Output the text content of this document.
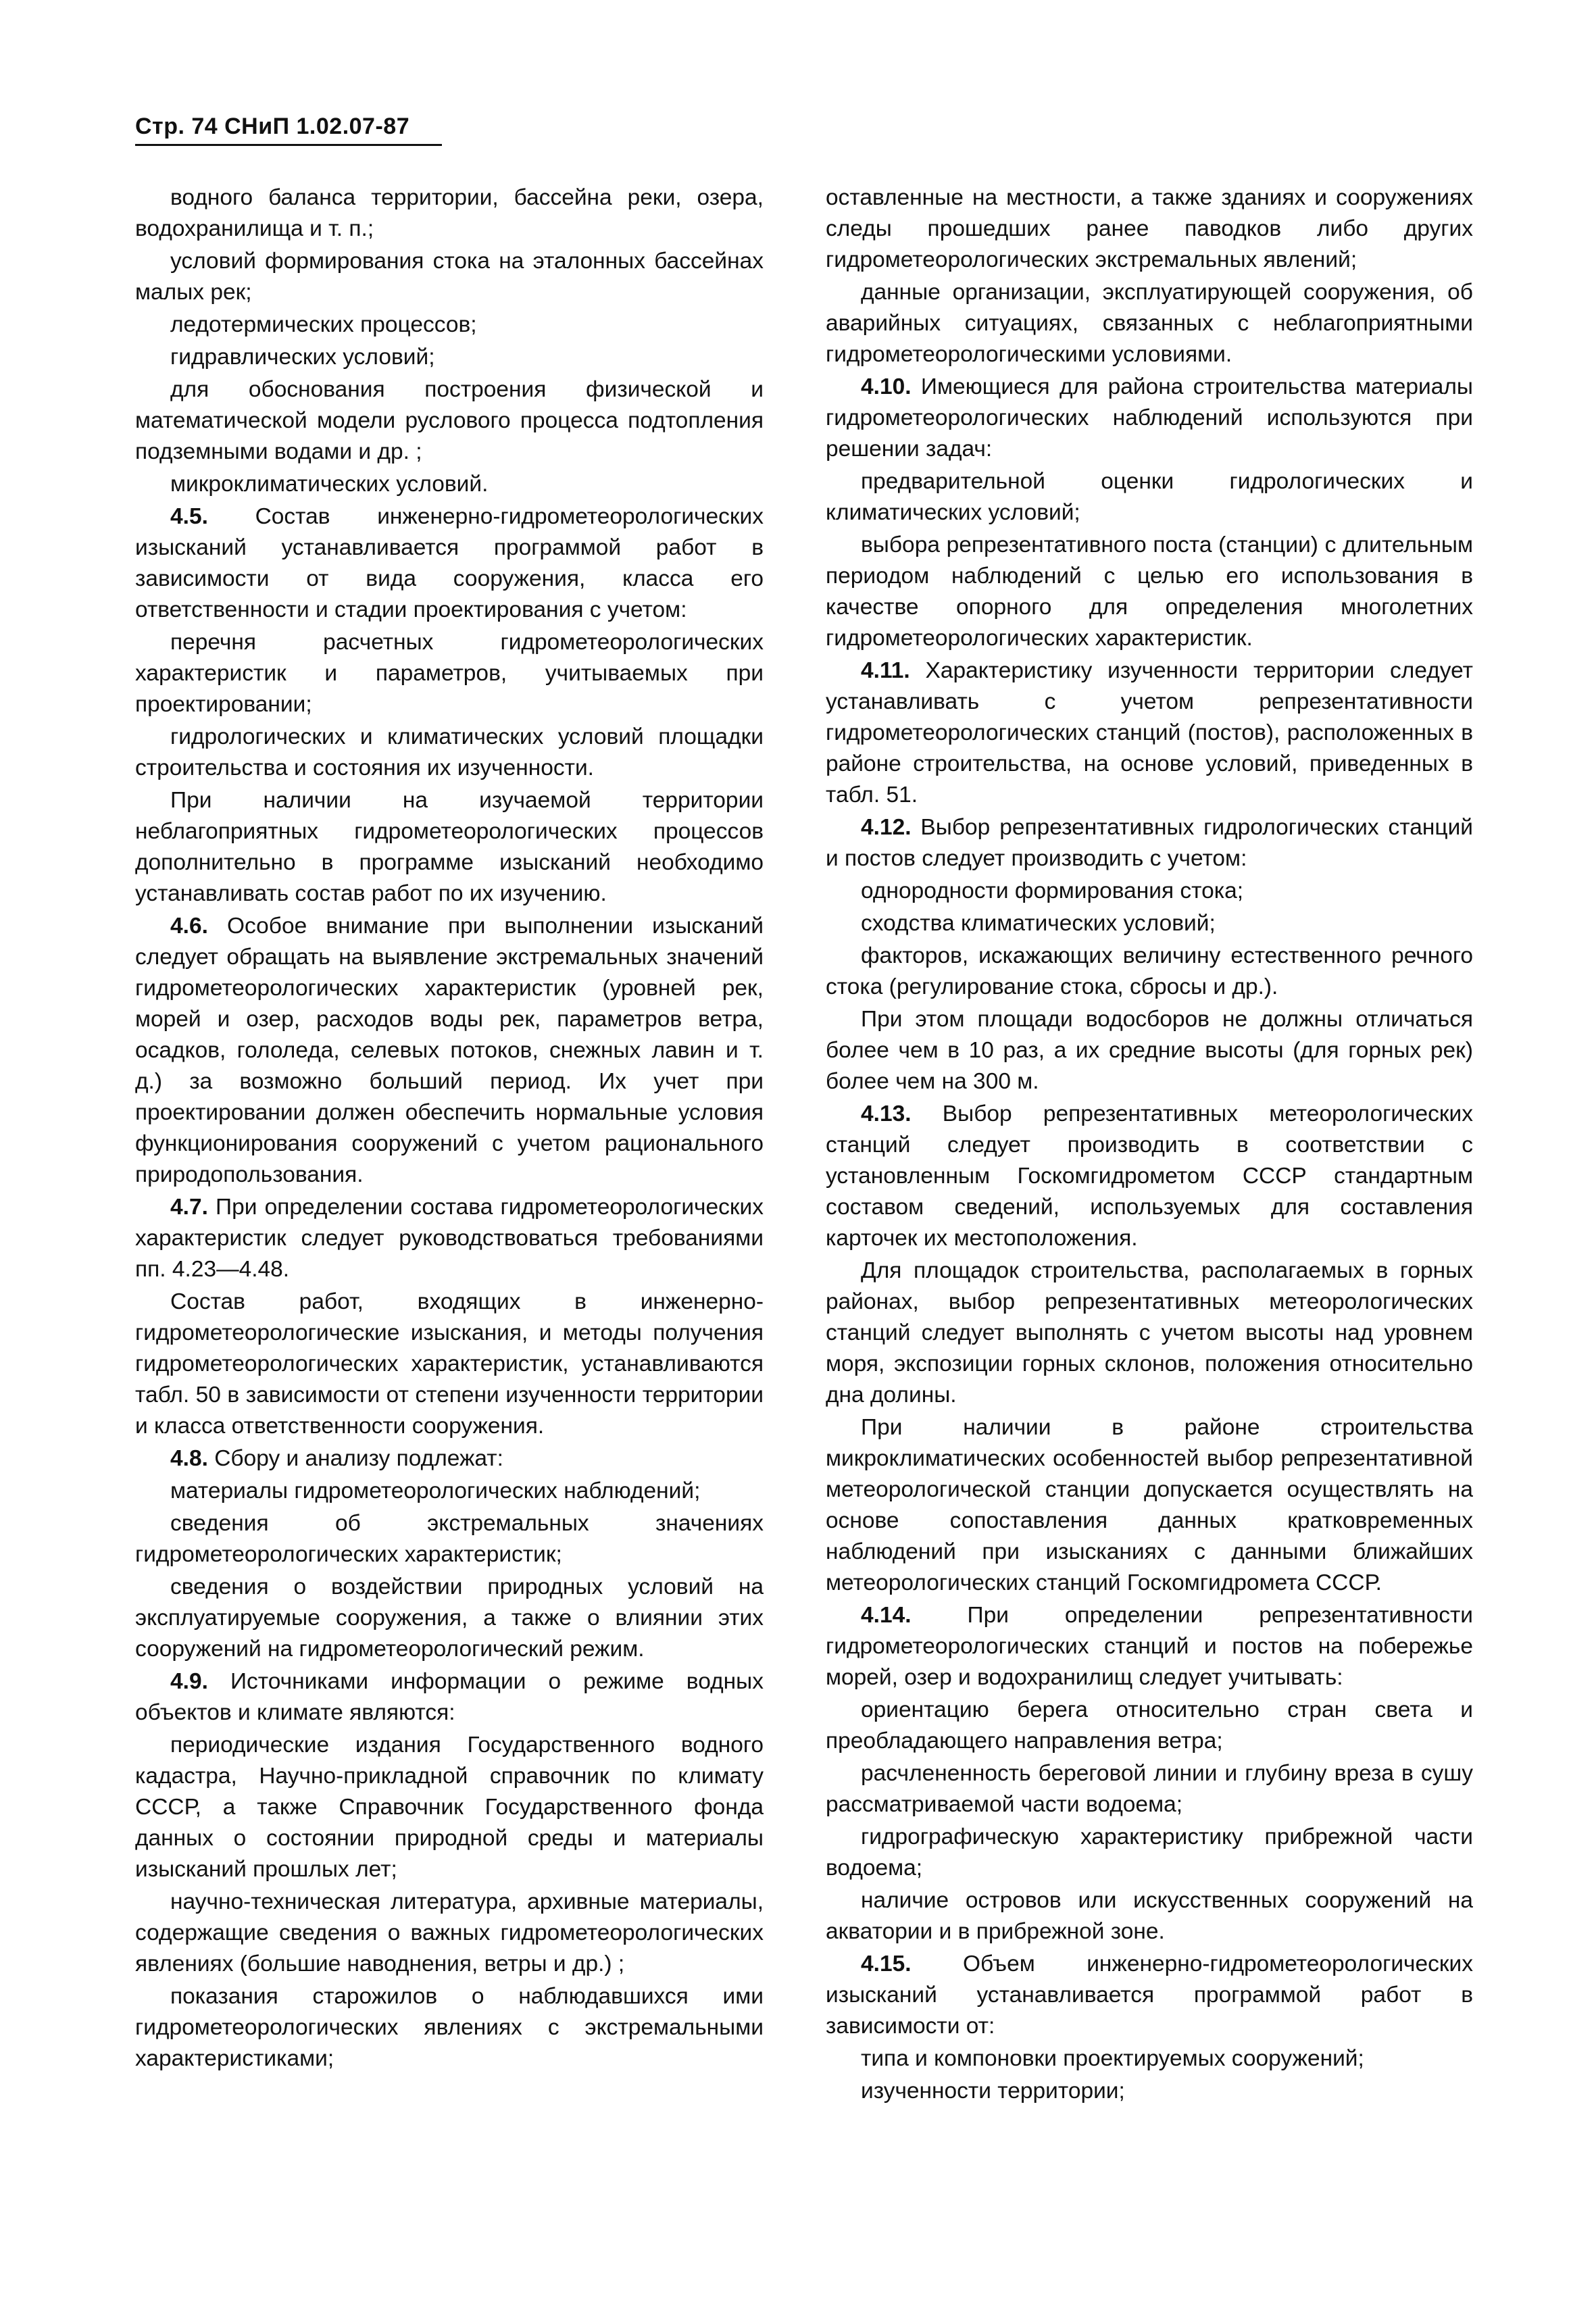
Стр. 74 СНиП 1.02.07-87

водного баланса территории, бассейна реки, озера, водохранилища и т. п.;

условий формирования стока на эталонных бассейнах малых рек;

ледотермических процессов;

гидравлических условий;

для обоснования построения физической и математической модели руслового процесса подтопления подземными водами и др. ;

микроклиматических условий.

4.5. Состав инженерно-гидрометеорологических изысканий устанавливается программой работ в зависимости от вида сооружения, класса его ответственности и стадии проектирования с учетом:

перечня расчетных гидрометеорологических характеристик и параметров, учитываемых при проектировании;

гидрологических и климатических условий площадки строительства и состояния их изученности.

При наличии на изучаемой территории неблагоприятных гидрометеорологических процессов дополнительно в программе изысканий необходимо устанавливать состав работ по их изучению.

4.6. Особое внимание при выполнении изысканий следует обращать на выявление экстремальных значений гидрометеорологических характеристик (уровней рек, морей и озер, расходов воды рек, параметров ветра, осадков, гололеда, селевых потоков, снежных лавин и т. д.) за возможно больший период. Их учет при проектировании должен обеспечить нормальные условия функционирования сооружений с учетом рационального природопользования.

4.7. При определении состава гидрометеорологических характеристик следует руководствоваться требованиями пп. 4.23—4.48.

Состав работ, входящих в инженерно-гидрометеорологические изыскания, и методы получения гидрометеорологических характеристик, устанавливаются табл. 50 в зависимости от степени изученности территории и класса ответственности сооружения.

4.8. Сбору и анализу подлежат:

материалы гидрометеорологических наблюдений;

сведения об экстремальных значениях гидрометеорологических характеристик;

сведения о воздействии природных условий на эксплуатируемые сооружения, а также о влиянии этих сооружений на гидрометеорологический режим.

4.9. Источниками информации о режиме водных объектов и климате являются:

периодические издания Государственного водного кадастра, Научно-прикладной справочник по климату СССР, а также Справочник Государственного фонда данных о состоянии природной среды и материалы изысканий прошлых лет;

научно-техническая литература, архивные материалы, содержащие сведения о важных гидрометеорологических явлениях (большие наводнения, ветры и др.) ;

показания старожилов о наблюдавшихся ими гидрометеорологических явлениях с экстремальными характеристиками;

оставленные на местности, а также зданиях и сооружениях следы прошедших ранее паводков либо других гидрометеорологических экстремальных явлений;

данные организации, эксплуатирующей сооружения, об аварийных ситуациях, связанных с неблагоприятными гидрометеорологическими условиями.

4.10. Имеющиеся для района строительства материалы гидрометеорологических наблюдений используются при решении задач:

предварительной оценки гидрологических и климатических условий;

выбора репрезентативного поста (станции) с длительным периодом наблюдений с целью его использования в качестве опорного для определения многолетних гидрометеорологических характеристик.

4.11. Характеристику изученности территории следует устанавливать с учетом репрезентативности гидрометеорологических станций (постов), расположенных в районе строительства, на основе условий, приведенных в табл. 51.

4.12. Выбор репрезентативных гидрологических станций и постов следует производить с учетом:

однородности формирования стока;

сходства климатических условий;

факторов, искажающих величину естественного речного стока (регулирование стока, сбросы и др.).

При этом площади водосборов не должны отличаться более чем в 10 раз, а их средние высоты (для горных рек) более чем на 300 м.

4.13. Выбор репрезентативных метеорологических станций следует производить в соответствии с установленным Госкомгидрометом СССР стандартным составом сведений, используемых для составления карточек их местоположения.

Для площадок строительства, располагаемых в горных районах, выбор репрезентативных метеорологических станций следует выполнять с учетом высоты над уровнем моря, экспозиции горных склонов, положения относительно дна долины.

При наличии в районе строительства микроклиматических особенностей выбор репрезентативной метеорологической станции допускается осуществлять на основе сопоставления данных кратковременных наблюдений при изысканиях с данными ближайших метеорологических станций Госкомгидромета СССР.

4.14. При определении репрезентативности гидрометеорологических станций и постов на побережье морей, озер и водохранилищ следует учитывать:

ориентацию берега относительно стран света и преобладающего направления ветра;

расчлененность береговой линии и глубину вреза в сушу рассматриваемой части водоема;

гидрографическую характеристику прибрежной части водоема;

наличие островов или искусственных сооружений на акватории и в прибрежной зоне.

4.15. Объем инженерно-гидрометеорологических изысканий устанавливается программой работ в зависимости от:

типа и компоновки проектируемых сооружений;

изученности территории;
